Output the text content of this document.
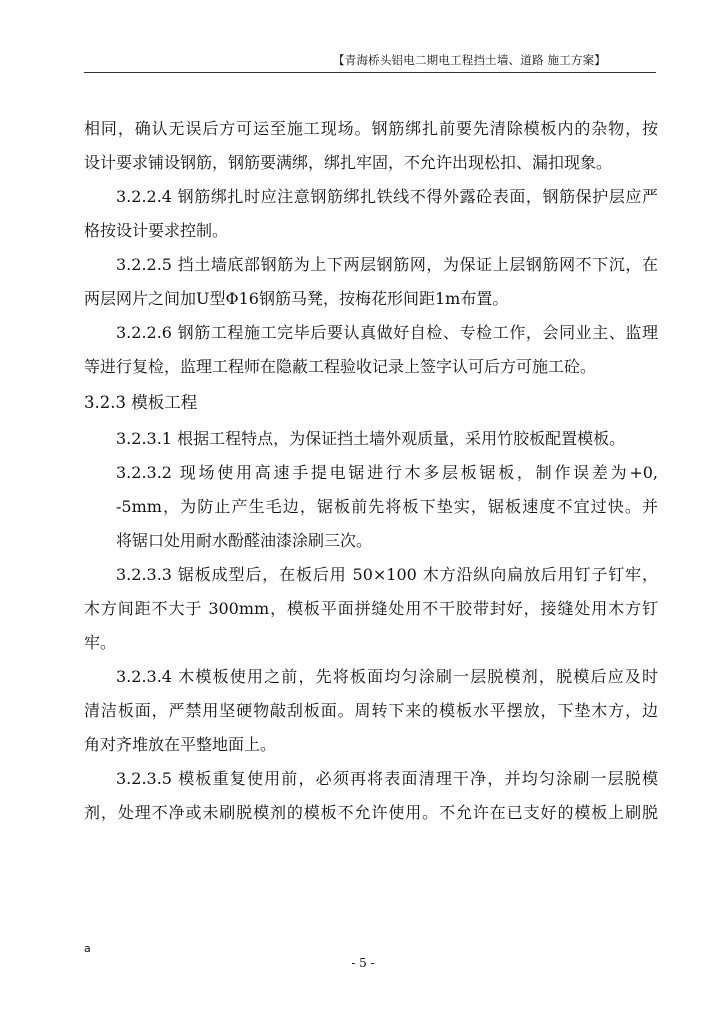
【青海桥头铝电二期电工程挡土墙、道路 施工方案】
相同，确认无误后方可运至施工现场。钢筋绑扎前要先清除模板内的杂物，按
设计要求铺设钢筋，钢筋要满绑，绑扎牢固，不允许出现松扣、漏扣现象。
3.2.2.4 钢筋绑扎时应注意钢筋绑扎铁线不得外露砼表面，钢筋保护层应严
格按设计要求控制。
3.2.2.5 挡土墙底部钢筋为上下两层钢筋网，为保证上层钢筋网不下沉，在
两层网片之间加U型Φ16钢筋马凳，按梅花形间距1m布置。
3.2.2.6 钢筋工程施工完毕后要认真做好自检、专检工作，会同业主、监理
等进行复检，监理工程师在隐蔽工程验收记录上签字认可后方可施工砼。
3.2.3 模板工程
3.2.3.1 根据工程特点，为保证挡土墙外观质量，采用竹胶板配置模板。
3.2.3.2 现场使用高速手提电锯进行木多层板锯板，制作误差为+0,
-5mm，为防止产生毛边，锯板前先将板下垫实，锯板速度不宜过快。并
将锯口处用耐水酚醛油漆涂刷三次。
3.2.3.3 锯板成型后，在板后用 50×100 木方沿纵向扁放后用钉子钉牢，
木方间距不大于 300mm，模板平面拼缝处用不干胶带封好，接缝处用木方钉
牢。
3.2.3.4 木模板使用之前，先将板面均匀涂刷一层脱模剂，脱模后应及时
清洁板面，严禁用坚硬物敲刮板面。周转下来的模板水平摆放，下垫木方，边
角对齐堆放在平整地面上。
3.2.3.5 模板重复使用前，必须再将表面清理干净，并均匀涂刷一层脱模
剂，处理不净或未刷脱模剂的模板不允许使用。不允许在已支好的模板上刷脱
a
- 5 -
